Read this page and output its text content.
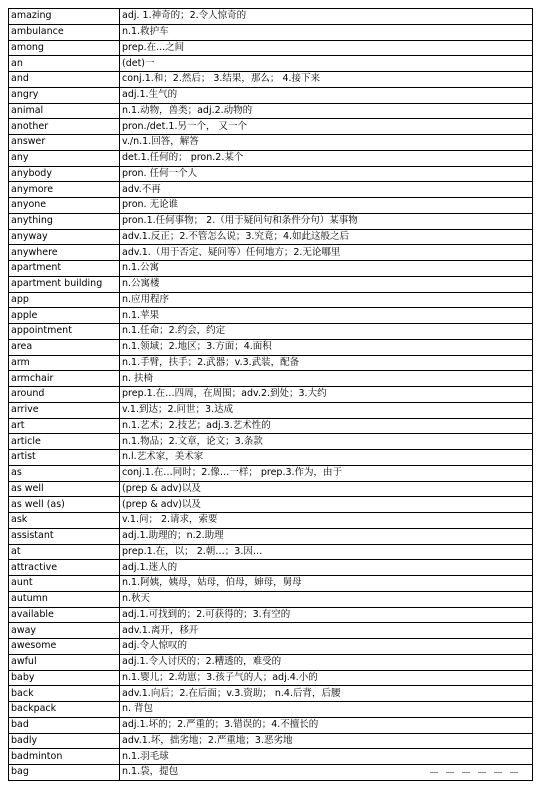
amazing	adj. 1.神奇的；2.令人惊奇的
ambulance	n.1.救护车
among	prep.在...之间
an	(det)一
and	conj.1.和；2.然后； 3.结果，那么； 4.接下来
angry	adj.1.生气的
animal	n.1.动物，兽类；adj.2.动物的
another	pron./det.1.另一个， 又一个
answer	v./n.1.回答，解答
any	det.1.任何的； pron.2.某个
anybody	pron. 任何一个人
anymore	adv.不再
anyone	pron. 无论谁
anything	pron.1.任何事物； 2.（用于疑问句和条件分句）某事物
anyway	adv.1.反正；2.不管怎么说；3.究竟；4.如此这般之后
anywhere	adv.1.（用于否定、疑问等）任何地方；2.无论哪里
apartment	n.1.公寓
apartment building	n.公寓楼
app	n.应用程序
apple	n.1.苹果
appointment	n.1.任命；2.约会，约定
area	n.1.领域；2.地区；3.方面；4.面积
arm	n.1.手臂，扶手；2.武器；v.3.武装，配备
armchair	n. 扶椅
around	prep.1.在…四周，在周围；adv.2.到处；3.大约
arrive	v.1.到达；2.问世；3.达成
art	n.1.艺术；2.技艺；adj.3.艺术性的
article	n.1.物品；2.文章，论文；3.条款
artist	n.l.艺术家，美术家
as	conj.1.在…同时；2.像…一样； prep.3.作为，由于
as well	(prep & adv)以及
as well (as)	(prep & adv)以及
ask	v.1.问； 2.请求，索要
assistant	adj.1.助理的；n.2.助理
at	prep.1.在，以； 2.朝…；3.因…
attractive	adj.1.迷人的
aunt	n.1.阿姨，姨母，姑母，伯母，婶母，舅母
autumn	n.秋天
available	adj.1.可找到的；2.可获得的；3.有空的
away	adv.1.离开，移开
awesome	adj.令人惊叹的
awful	adj.1.令人讨厌的；2.糟透的，难受的
baby	n.1.婴儿；2.幼崽；3.孩子气的人；adj.4.小的
back	adv.1.向后；2.在后面；v.3.资助； n.4.后背，后腰
backpack	n. 背包
bad	adj.1.坏的；2.严重的；3.错误的；4.不擅长的
badly	adv.1.坏，拙劣地；2.严重地；3.恶劣地
badminton	n.1.羽毛球
bag	n.1.袋，提包
